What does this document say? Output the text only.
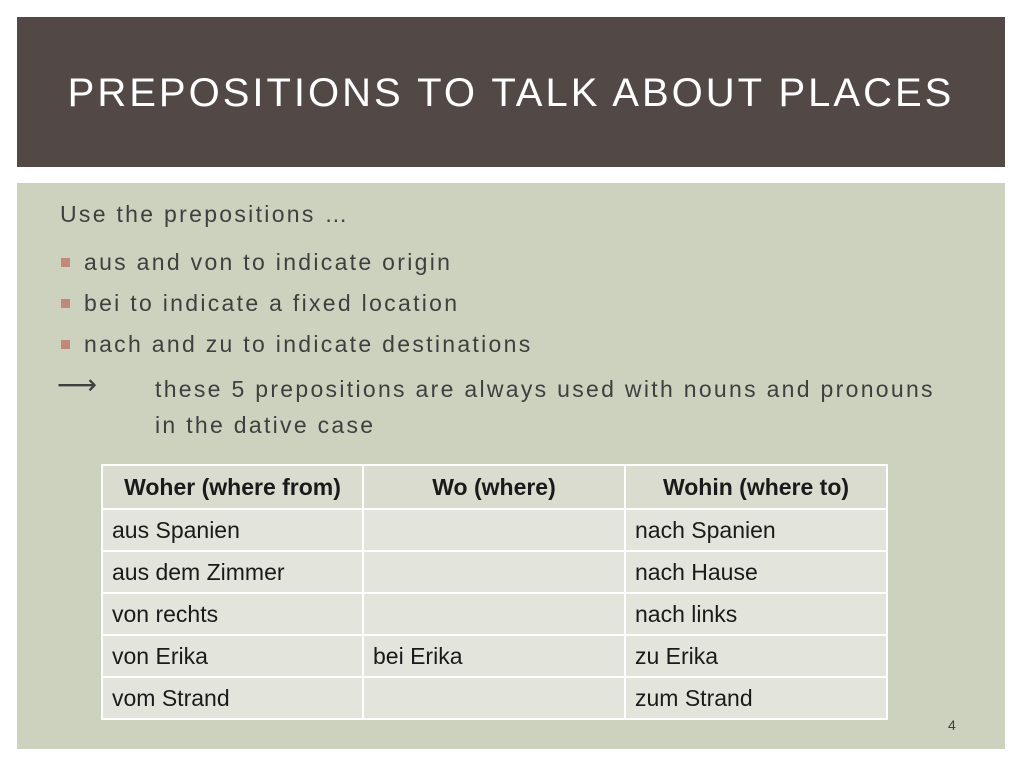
PREPOSITIONS TO TALK ABOUT PLACES
Use the prepositions …
aus and von to indicate origin
bei to indicate a fixed location
nach and zu to indicate destinations
⟶	these 5 prepositions are always used with nouns and pronouns in the dative case
Woher (where from)	Wo (where)	Wohin (where to)
aus Spanien		nach Spanien
aus dem Zimmer		nach Hause
von rechts		nach links
von Erika	bei Erika	zu Erika
vom Strand		zum Strand
4
